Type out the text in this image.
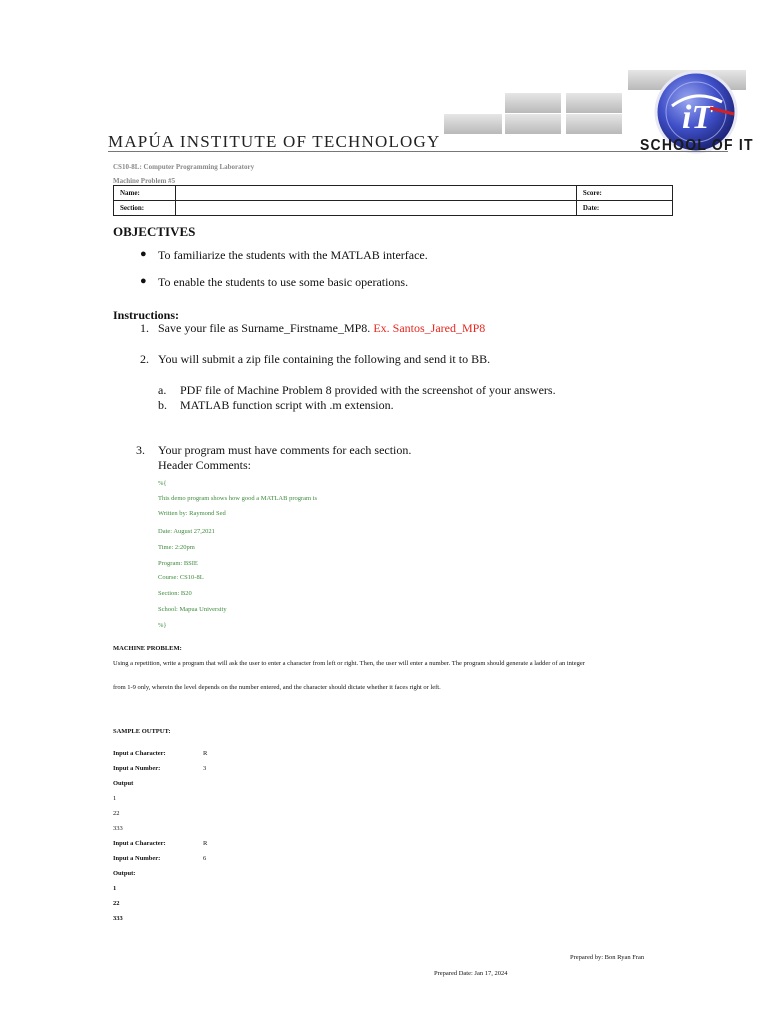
iT
SCHOOL OF IT
MAPÚA INSTITUTE OF TECHNOLOGY
CS10-8L: Computer Programming Laboratory
Machine Problem #5
Name:		Score:
Section:		Date:
OBJECTIVES
● To familiarize the students with the MATLAB interface.
● To enable the students to use some basic operations.
Instructions:
1. Save your file as Surname_Firstname_MP8. Ex. Santos_Jared_MP8
2. You will submit a zip file containing the following and send it to BB.
a. PDF file of Machine Problem 8 provided with the screenshot of your answers.
b. MATLAB function script with .m extension.
3. Your program must have comments for each section.
Header Comments:
%{
This demo program shows how good a MATLAB program is
Written by: Raymond Sed
Date: August 27,2021
Time: 2:20pm
Program: BSIE
Course: CS10-8L
Section: B20
School: Mapua University
%}
MACHINE PROBLEM:
Using a repetition, write a program that will ask the user to enter a character from left or right. Then, the user will enter a number. The program should generate a ladder of an integer
from 1-9 only, wherein the level depends on the number entered, and the character should dictate whether it faces right or left.
SAMPLE OUTPUT:
Input a Character:	R
Input a Number:	3
Output
1
22
333
Input a Character:	R
Input a Number:	6
Output:
1
22
333
Prepared by: Bon Ryan Fran
Prepared Date: Jan 17, 2024
